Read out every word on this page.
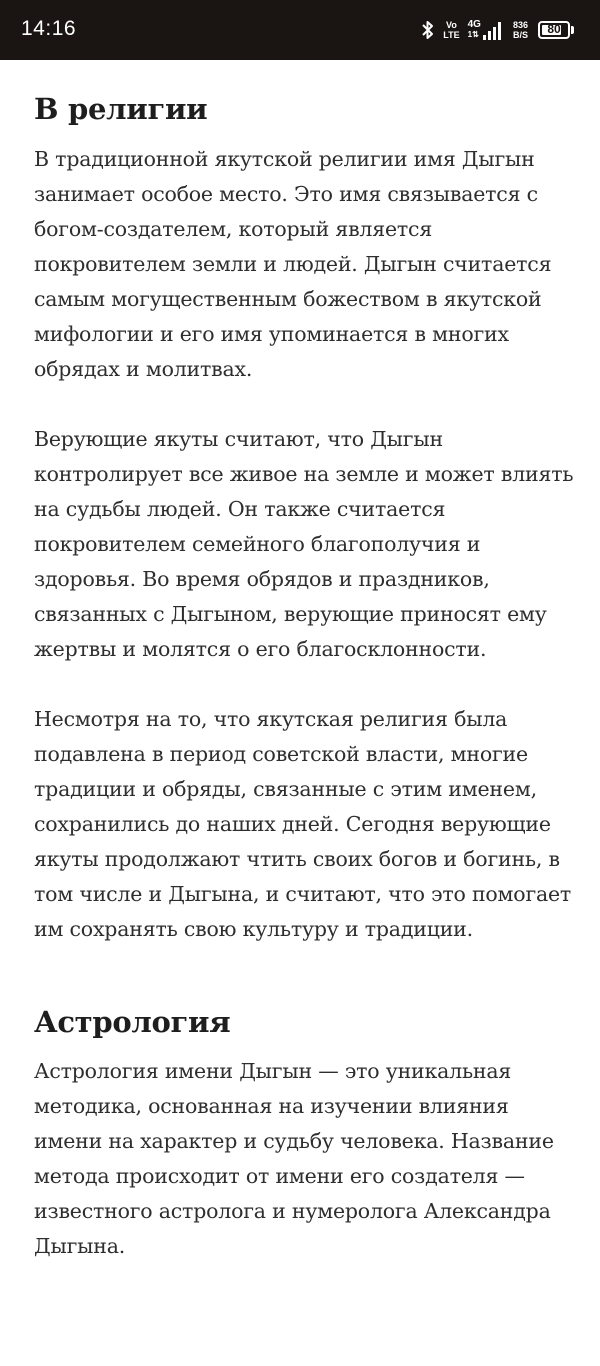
14:16	Vo
LTE
4G
1⇅
836
B/S	80
В религии

В традиционной якутской религии имя Дыгын занимает особое место. Это имя связывается с богом-создателем, который является покровителем земли и людей. Дыгын считается самым могущественным божеством в якутской мифологии и его имя упоминается в многих обрядах и молитвах.

Верующие якуты считают, что Дыгын контролирует все живое на земле и может влиять на судьбы людей. Он также считается покровителем семейного благополучия и здоровья. Во время обрядов и праздников, связанных с Дыгыном, верующие приносят ему жертвы и молятся о его благосклонности.

Несмотря на то, что якутская религия была подавлена в период советской власти, многие традиции и обряды, связанные с этим именем, сохранились до наших дней. Сегодня верующие якуты продолжают чтить своих богов и богинь, в том числе и Дыгына, и считают, что это помогает им сохранять свою культуру и традиции.

Астрология

Астрология имени Дыгын — это уникальная методика, основанная на изучении влияния имени на характер и судьбу человека. Название метода происходит от имени его создателя — известного астролога и нумеролога Александра Дыгына.
